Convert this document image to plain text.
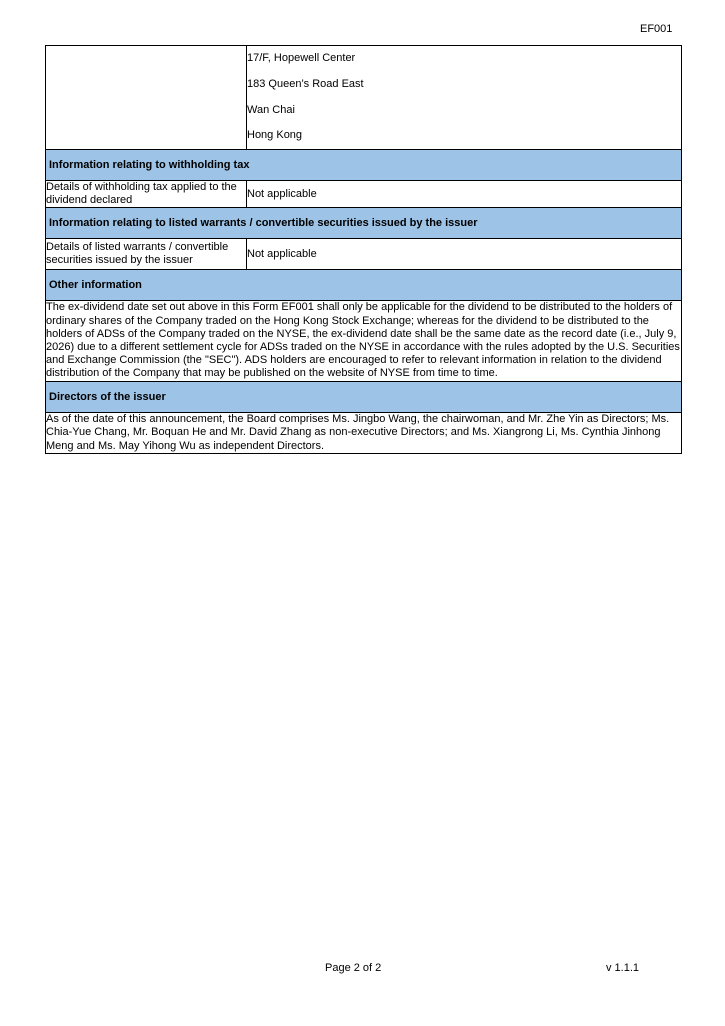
EF001

	17/F, Hopewell Center
183 Queen’s Road East
Wan Chai
Hong Kong

Information relating to withholding tax	
Details of withholding tax applied to the dividend declared	Not applicable
Information relating to listed warrants / convertible securities issued by the issuer	
Details of listed warrants / convertible securities issued by the issuer	Not applicable
Other information	
The ex-dividend date set out above in this Form EF001 shall only be applicable for the dividend to be distributed to the holders of ordinary shares of the Company traded on the Hong Kong Stock Exchange; whereas for the dividend to be distributed to the holders of ADSs of the Company traded on the NYSE, the ex-dividend date shall be the same date as the record date (i.e., July 9, 2026) due to a different settlement cycle for ADSs traded on the NYSE in accordance with the rules adopted by the U.S. Securities and Exchange Commission (the "SEC"). ADS holders are encouraged to refer to relevant information in relation to the dividend distribution of the Company that may be published on the website of NYSE from time to time.	
Directors of the issuer	
As of the date of this announcement, the Board comprises Ms. Jingbo Wang, the chairwoman, and Mr. Zhe Yin as Directors; Ms. Chia-Yue Chang, Mr. Boquan He and Mr. David Zhang as non-executive Directors; and Ms. Xiangrong Li, Ms. Cynthia Jinhong Meng and Ms. May Yihong Wu as independent Directors.	
Page 2 of 2	v 1.1.1
